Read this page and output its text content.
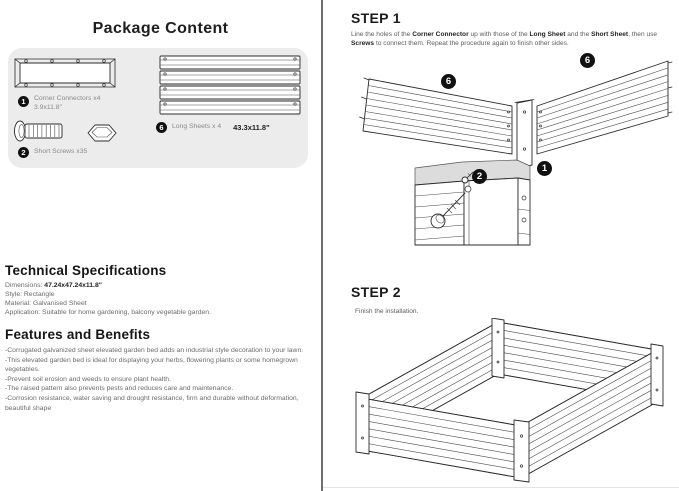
Package Content
1	Corner Connectors x4
3.9x11.8"
2	Short Screws x35
6	Long Sheets x 4 43.3x11.8"
Technical Specifications
Dimensions: 47.24x47.24x11.8"
Style: Rectangle
Material: Galvanised Sheet
Application: Suitable for home gardening, balcony vegetable garden.
Features and Benefits
-Corrugated galvanized sheet elevated garden bed adds an industrial style decoration to your lawn.
-This elevated garden bed is ideal for displaying your herbs, flowering plants or some homegrown vegetables.
-Prevent soil erosion and weeds to ensure plant health.
-The raised pattern also prevents pests and reduces care and maintenance.
-Corrosion resistance, water saving and drought resistance, firm and durable without deformation, beautiful shape
STEP 1
Line the holes of the Corner Connector up with those of the Long Sheet and the Short Sheet, then use Screws to connect them. Repeat the procedure again to finish other sides.
6
6
1
2
STEP 2
Finish the installation.
